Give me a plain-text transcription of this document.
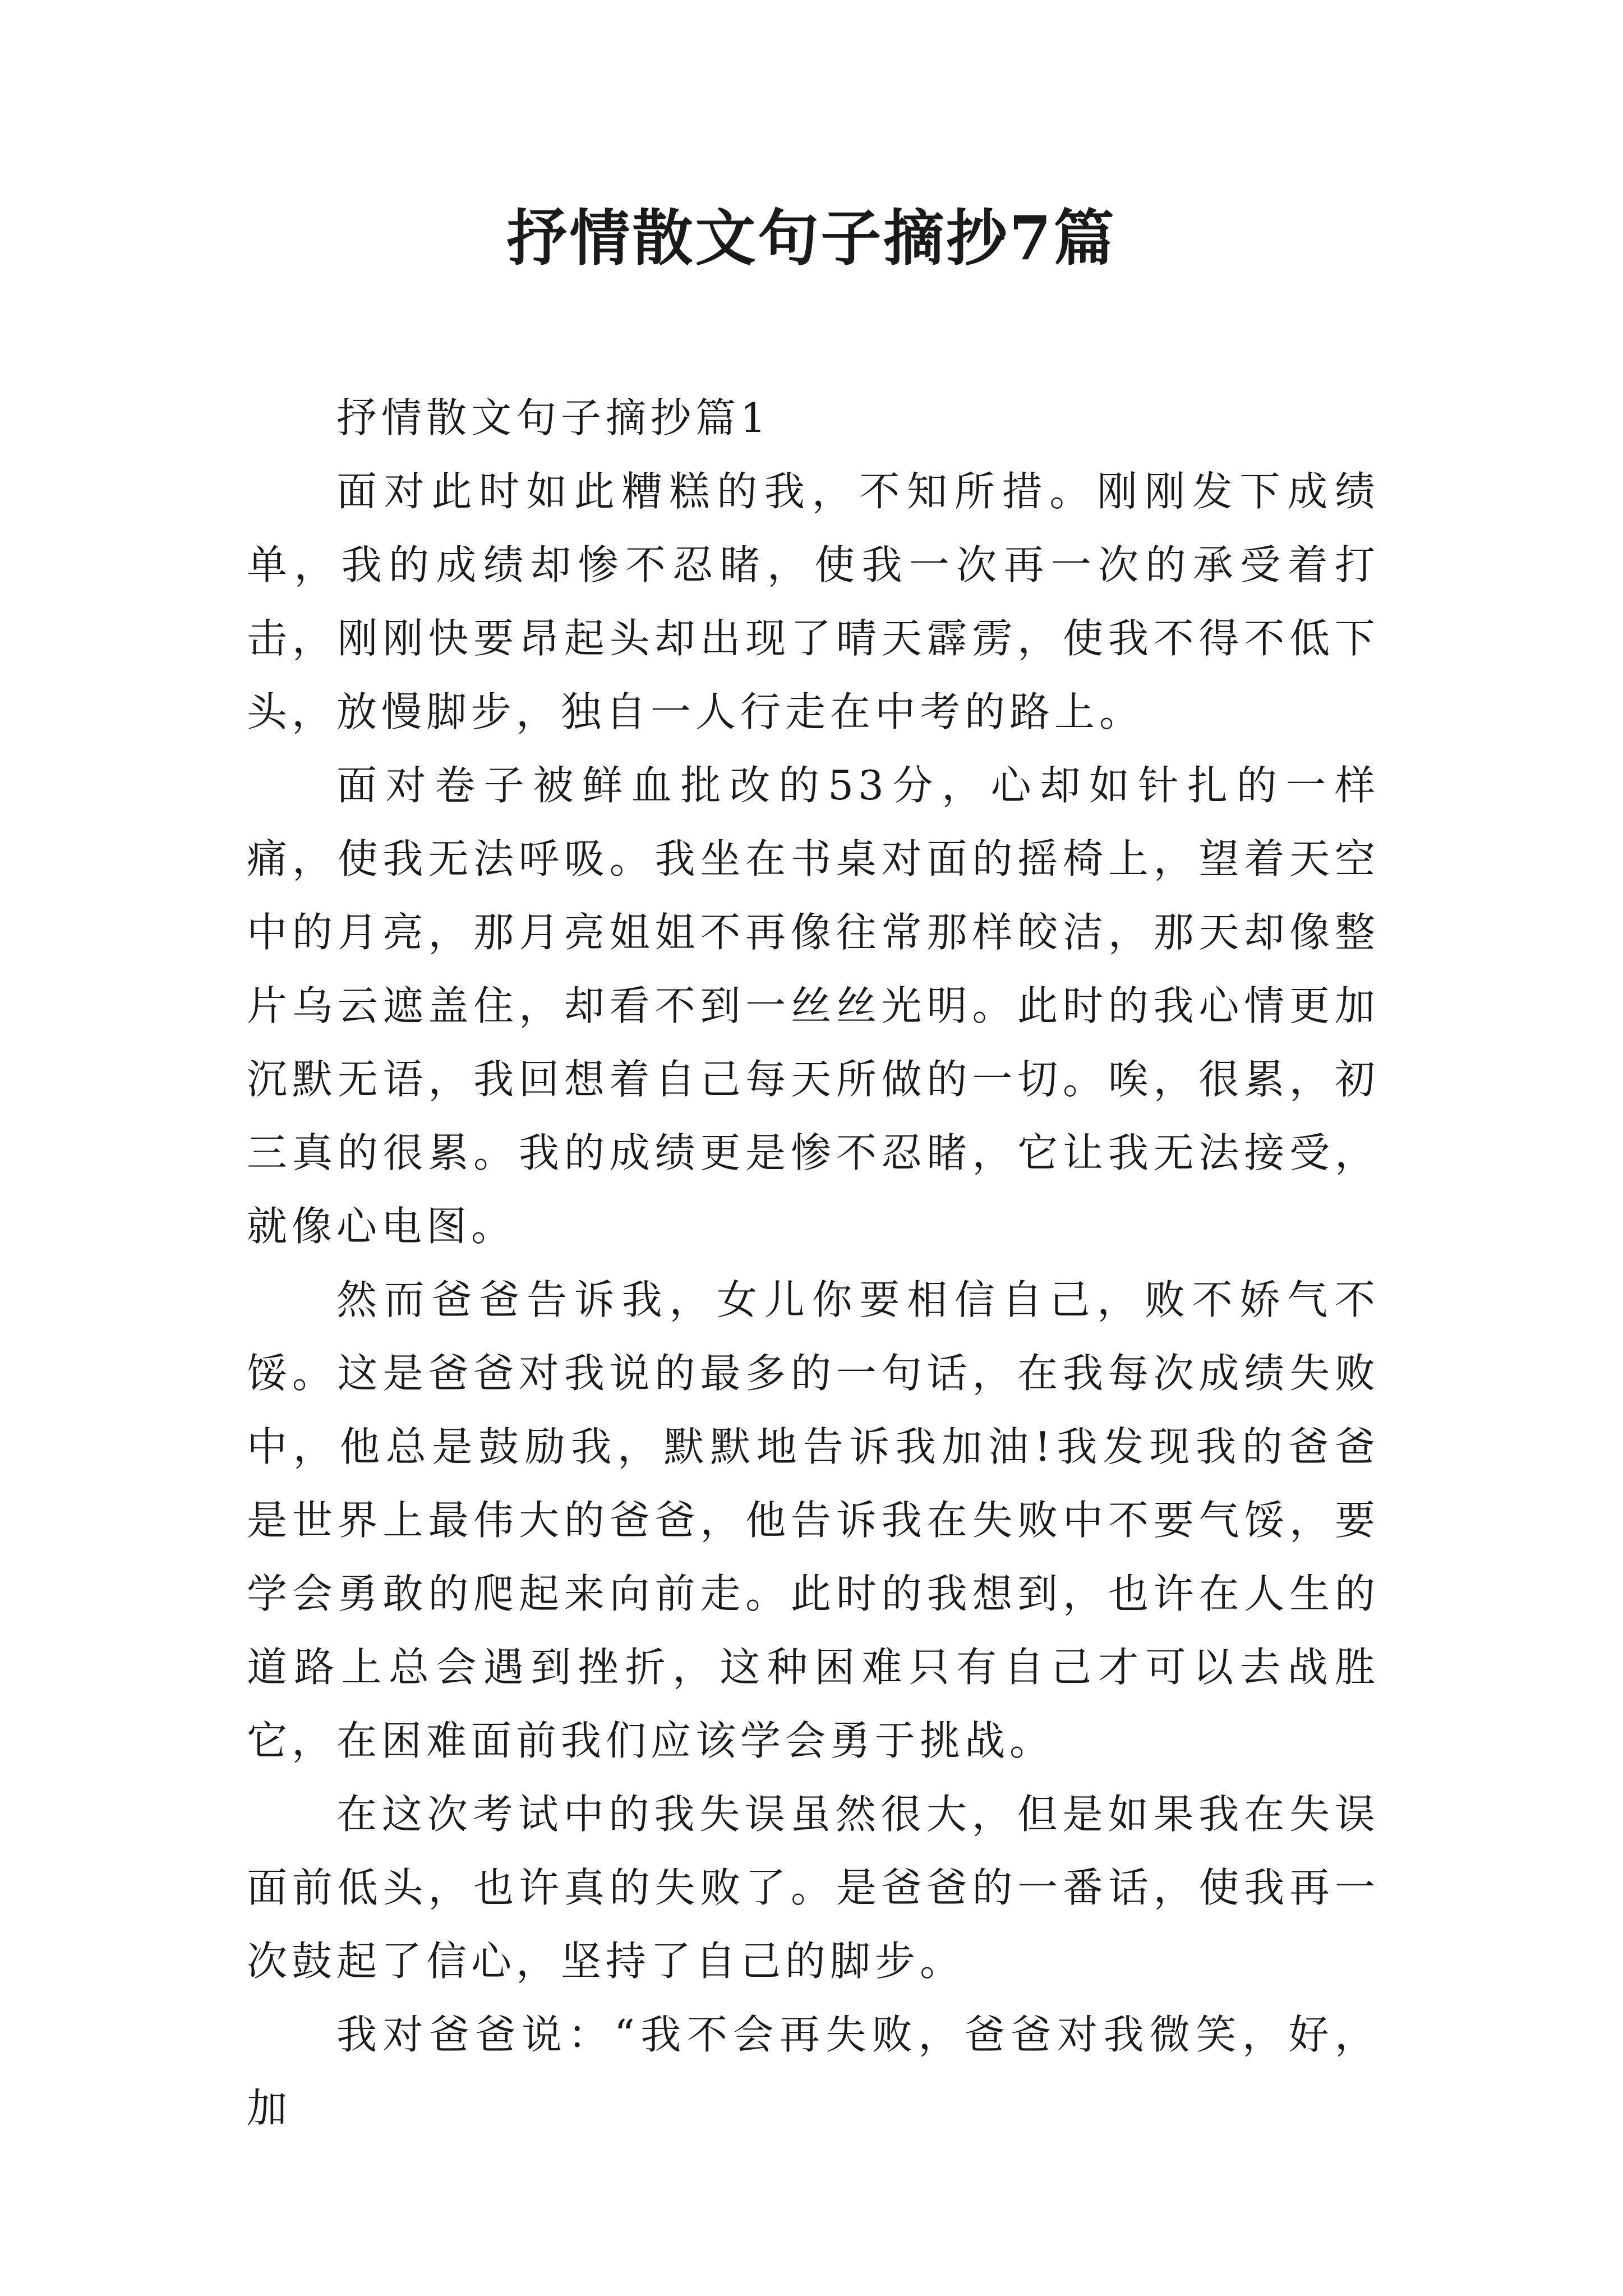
抒情散文句子摘抄7篇

抒情散文句子摘抄篇1

面对此时如此糟糕的我，不知所措。刚刚发下成绩单，我的成绩却惨不忍睹，使我一次再一次的承受着打击，刚刚快要昂起头却出现了晴天霹雳，使我不得不低下头，放慢脚步，独自一人行走在中考的路上。

面对卷子被鲜血批改的53分，心却如针扎的一样痛，使我无法呼吸。我坐在书桌对面的摇椅上，望着天空中的月亮，那月亮姐姐不再像往常那样皎洁，那天却像整片乌云遮盖住，却看不到一丝丝光明。此时的我心情更加沉默无语，我回想着自己每天所做的一切。唉，很累，初三真的很累。我的成绩更是惨不忍睹，它让我无法接受，就像心电图。

然而爸爸告诉我，女儿你要相信自己，败不娇气不馁。这是爸爸对我说的最多的一句话，在我每次成绩失败中，他总是鼓励我，默默地告诉我加油!我发现我的爸爸是世界上最伟大的爸爸，他告诉我在失败中不要气馁，要学会勇敢的爬起来向前走。此时的我想到，也许在人生的道路上总会遇到挫折，这种困难只有自己才可以去战胜它，在困难面前我们应该学会勇于挑战。

在这次考试中的我失误虽然很大，但是如果我在失误面前低头，也许真的失败了。是爸爸的一番话，使我再一次鼓起了信心，坚持了自己的脚步。

我对爸爸说：“我不会再失败，爸爸对我微笑，好，加
